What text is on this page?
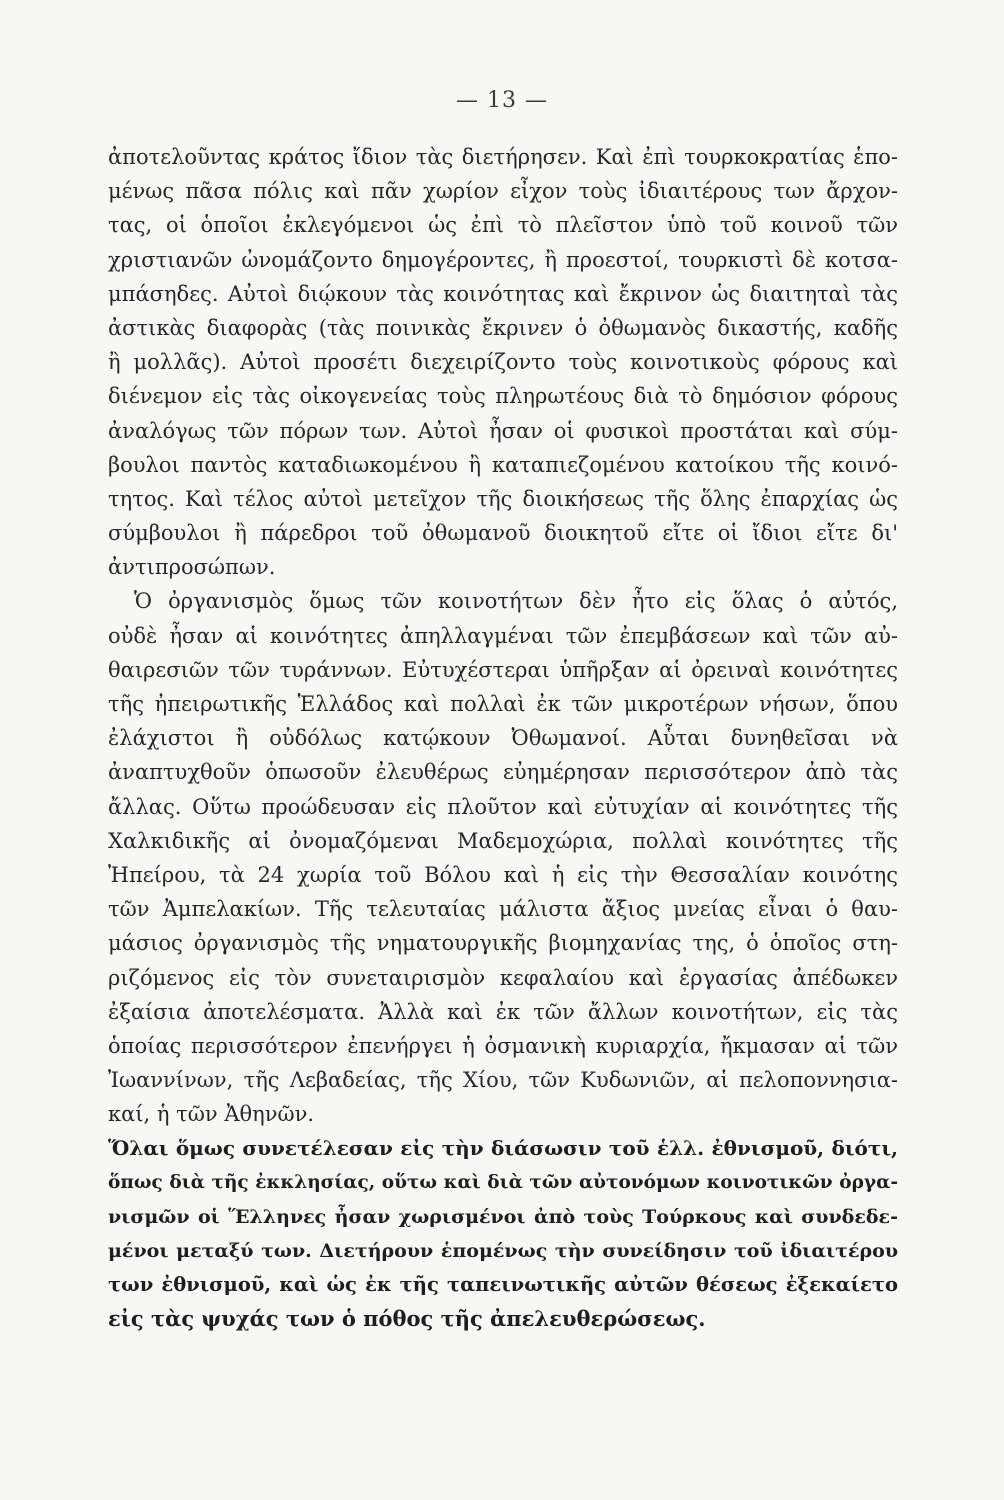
— 13 —
ἀποτελοῦντας κράτος ἴδιον τὰς διετήρησεν. Καὶ ἐπὶ τουρκοκρατίας ἑπο-
μένως πᾶσα πόλις καὶ πᾶν χωρίον εἶχον τοὺς ἰδιαιτέρους των ἄρχον-
τας, οἱ ὁποῖοι ἐκλεγόμενοι ὡς ἐπὶ τὸ πλεῖστον ὑπὸ τοῦ κοινοῦ τῶν
χριστιανῶν ὠνομάζοντο δημογέροντες, ἢ προεστοί, τουρκιστὶ δὲ κοτσα-
μπάσηδες. Αὐτοὶ διῴκουν τὰς κοινότητας καὶ ἔκρινον ὡς διαιτηταὶ τὰς
ἀστικὰς διαφορὰς (τὰς ποινικὰς ἔκρινεν ὁ ὀθωμανὸς δικαστής, καδῆς
ἢ μολλᾶς). Αὐτοὶ προσέτι διεχειρίζοντο τοὺς κοινοτικοὺς φόρους καὶ
διένεμον εἰς τὰς οἰκογενείας τοὺς πληρωτέους διὰ τὸ δημόσιον φόρους
ἀναλόγως τῶν πόρων των. Αὐτοὶ ἦσαν οἱ φυσικοὶ προστάται καὶ σύμ-
βουλοι παντὸς καταδιωκομένου ἢ καταπιεζομένου κατοίκου τῆς κοινό-
τητος. Καὶ τέλος αὐτοὶ μετεῖχον τῆς διοικήσεως τῆς ὅλης ἐπαρχίας ὡς
σύμβουλοι ἢ πάρεδροι τοῦ ὀθωμανοῦ διοικητοῦ εἴτε οἱ ἴδιοι εἴτε δι'
ἀντιπροσώπων.
Ὁ ὀργανισμὸς ὅμως τῶν κοινοτήτων δὲν ἦτο εἰς ὅλας ὁ αὐτός,
οὐδὲ ἦσαν αἱ κοινότητες ἀπηλλαγμέναι τῶν ἐπεμβάσεων καὶ τῶν αὐ-
θαιρεσιῶν τῶν τυράννων. Εὐτυχέστεραι ὑπῆρξαν αἱ ὀρειναὶ κοινότητες
τῆς ἠπειρωτικῆς Ἑλλάδος καὶ πολλαὶ ἐκ τῶν μικροτέρων νήσων, ὅπου
ἐλάχιστοι ἢ οὐδόλως κατῴκουν Ὀθωμανοί. Αὗται δυνηθεῖσαι νὰ
ἀναπτυχθοῦν ὁπωσοῦν ἐλευθέρως εὐημέρησαν περισσότερον ἀπὸ τὰς
ἄλλας. Οὕτω προώδευσαν εἰς πλοῦτον καὶ εὐτυχίαν αἱ κοινότητες τῆς
Χαλκιδικῆς αἱ ὀνομαζόμεναι Μαδεμοχώρια, πολλαὶ κοινότητες τῆς
Ἠπείρου, τὰ 24 χωρία τοῦ Βόλου καὶ ἡ εἰς τὴν Θεσσαλίαν κοινότης
τῶν Ἀμπελακίων. Τῆς τελευταίας μάλιστα ἄξιος μνείας εἶναι ὁ θαυ-
μάσιος ὀργανισμὸς τῆς νηματουργικῆς βιομηχανίας της, ὁ ὁποῖος στη-
ριζόμενος εἰς τὸν συνεταιρισμὸν κεφαλαίου καὶ ἐργασίας ἀπέδωκεν
ἐξαίσια ἀποτελέσματα. Ἀλλὰ καὶ ἐκ τῶν ἄλλων κοινοτήτων, εἰς τὰς
ὁποίας περισσότερον ἐπενήργει ἡ ὀσμανικὴ κυριαρχία, ἤκμασαν αἱ τῶν
Ἰωαννίνων, τῆς Λεβαδείας, τῆς Χίου, τῶν Κυδωνιῶν, αἱ πελοποννησια-
καί, ἡ τῶν Ἀθηνῶν.
Ὅλαι ὅμως συνετέλεσαν εἰς τὴν διάσωσιν τοῦ ἑλλ. ἐθνισμοῦ, διότι,
ὅπως διὰ τῆς ἐκκλησίας, οὕτω καὶ διὰ τῶν αὐτονόμων κοινοτικῶν ὀργα-
νισμῶν οἱ Ἕλληνες ἦσαν χωρισμένοι ἀπὸ τοὺς Τούρκους καὶ συνδεδε-
μένοι μεταξύ των. Διετήρουν ἑπομένως τὴν συνείδησιν τοῦ ἰδιαιτέρου
των ἐθνισμοῦ, καὶ ὡς ἐκ τῆς ταπεινωτικῆς αὐτῶν θέσεως ἐξεκαίετο
εἰς τὰς ψυχάς των ὁ πόθος τῆς ἀπελευθερώσεως.
